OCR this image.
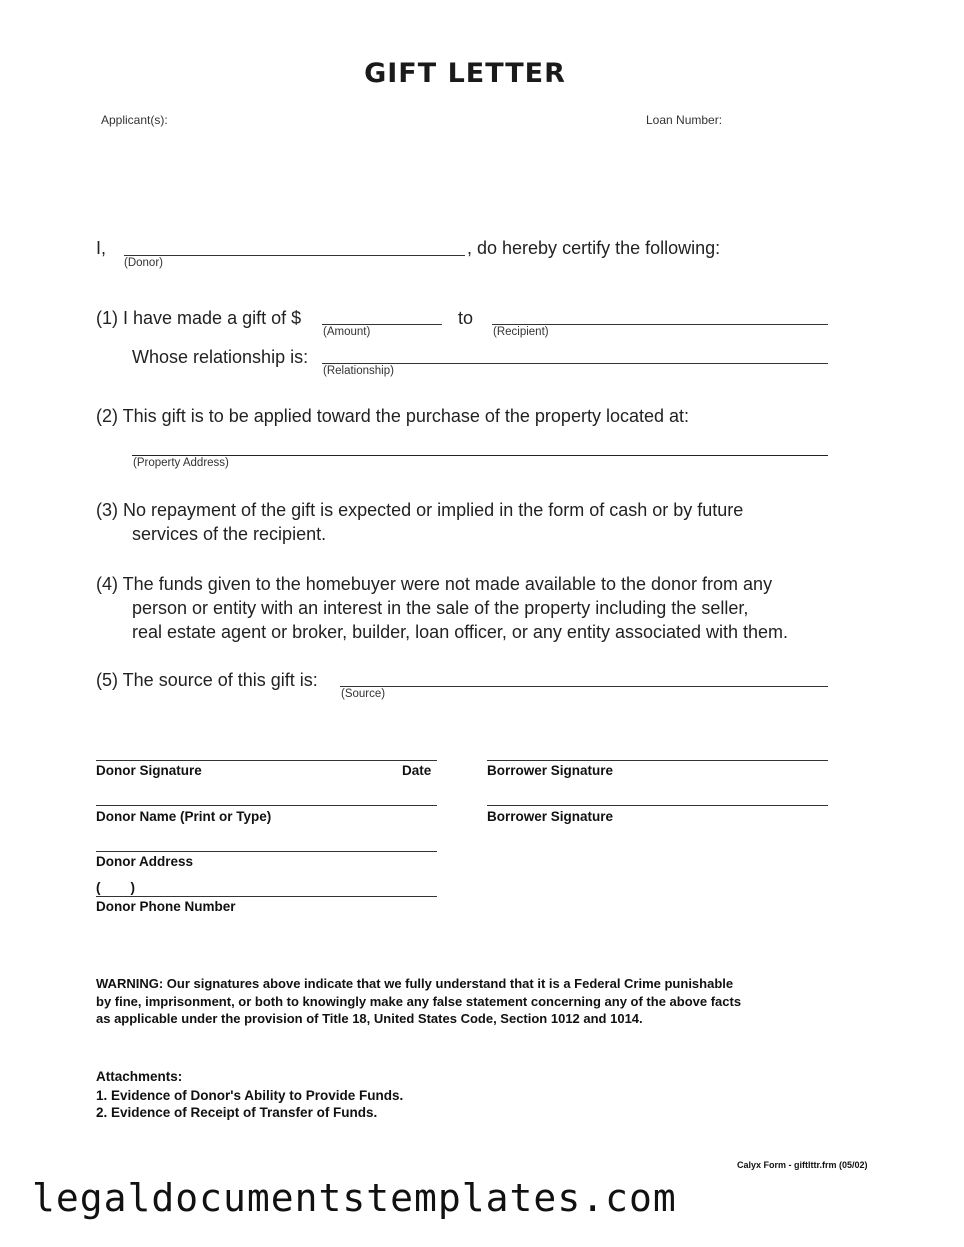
GIFT LETTER
Applicant(s):	Loan Number:
I,
(Donor)
, do hereby certify the following:
(1) I have made a gift of $
(Amount)
to
(Recipient)
Whose relationship is:
(Relationship)
(2) This gift is to be applied toward the purchase of the property located at:
(Property Address)
(3) No repayment of the gift is expected or implied in the form of cash or by future
services of the recipient.
(4) The funds given to the homebuyer were not made available to the donor from any
person or entity with an interest in the sale of the property including the seller,
real estate agent or broker, builder, loan officer, or any entity associated with them.
(5) The source of this gift is:
(Source)
Donor Signature	Date	Borrower Signature
Donor Name (Print or Type)	Borrower Signature
Donor Address
(        )
Donor Phone Number
WARNING: Our signatures above indicate that we fully understand that it is a Federal Crime punishable
by fine, imprisonment, or both to knowingly make any false statement concerning any of the above facts
as applicable under the provision of Title 18, United States Code, Section 1012 and 1014.
Attachments:
1. Evidence of Donor's Ability to Provide Funds.
2. Evidence of Receipt of Transfer of Funds.
Calyx Form - giftlttr.frm (05/02)
legaldocumentstemplates.com
